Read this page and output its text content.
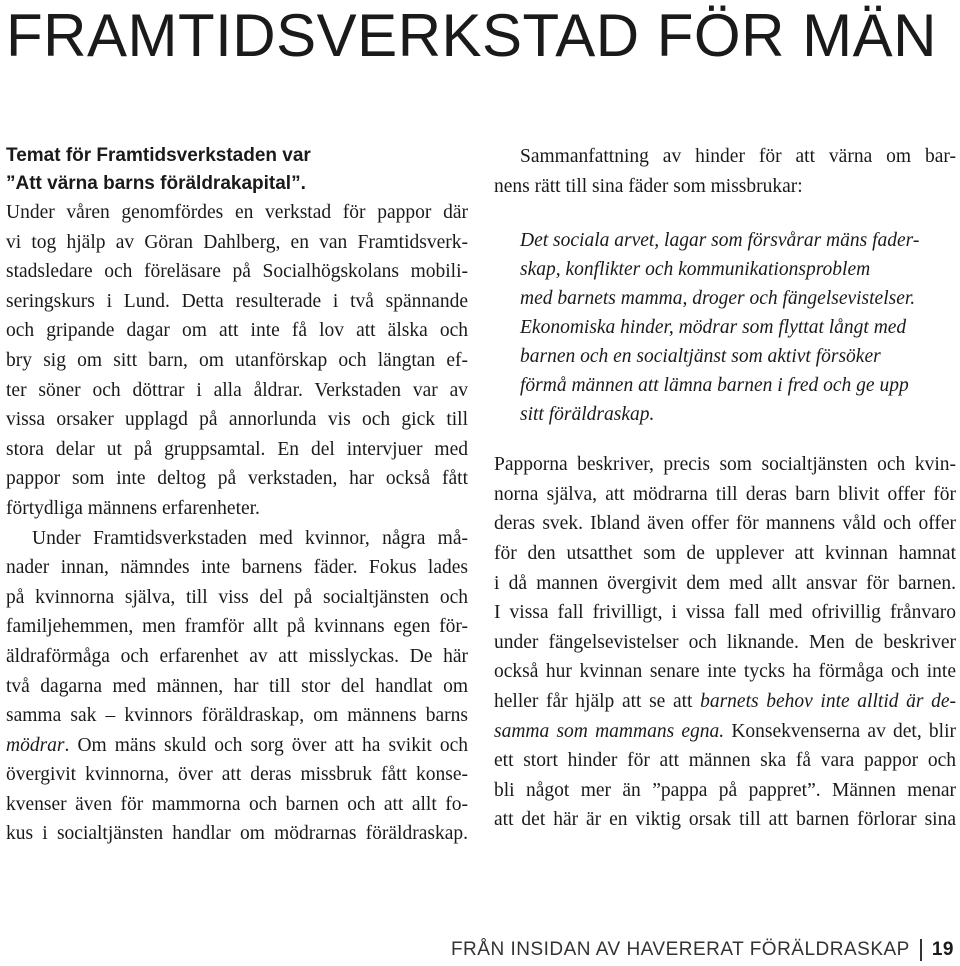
FRAMTIDSVERKSTAD FÖR MÄN
Temat för Framtidsverkstaden var
”Att värna barns föräldrakapital”.
Under våren genomfördes en verkstad för pappor där
vi tog hjälp av Göran Dahlberg, en van Framtidsverk-
stadsledare och föreläsare på Socialhögskolans mobili-
seringskurs i Lund. Detta resulterade i två spännande
och gripande dagar om att inte få lov att älska och
bry sig om sitt barn, om utanförskap och längtan ef-
ter söner och döttrar i alla åldrar. Verkstaden var av
vissa orsaker upplagd på annorlunda vis och gick till
stora delar ut på gruppsamtal. En del intervjuer med
pappor som inte deltog på verkstaden, har också fått
förtydliga männens erfarenheter.
Under Framtidsverkstaden med kvinnor, några må-
nader innan, nämndes inte barnens fäder. Fokus lades
på kvinnorna själva, till viss del på socialtjänsten och
familjehemmen, men framför allt på kvinnans egen för-
äldraförmåga och erfarenhet av att misslyckas. De här
två dagarna med männen, har till stor del handlat om
samma sak – kvinnors föräldraskap, om männens barns
mödrar. Om mäns skuld och sorg över att ha svikit och
övergivit kvinnorna, över att deras missbruk fått konse-
kvenser även för mammorna och barnen och att allt fo-
kus i socialtjänsten handlar om mödrarnas föräldraskap.
Sammanfattning av hinder för att värna om bar-
nens rätt till sina fäder som missbrukar:
Det sociala arvet, lagar som försvårar mäns fader-
skap, konflikter och kommunikationsproblem
med barnets mamma, droger och fängelsevistelser.
Ekonomiska hinder, mödrar som flyttat långt med
barnen och en socialtjänst som aktivt försöker
förmå männen att lämna barnen i fred och ge upp
sitt föräldraskap.
Papporna beskriver, precis som socialtjänsten och kvin-
norna själva, att mödrarna till deras barn blivit offer för
deras svek. Ibland även offer för mannens våld och offer
för den utsatthet som de upplever att kvinnan hamnat
i då mannen övergivit dem med allt ansvar för barnen.
I vissa fall frivilligt, i vissa fall med ofrivillig frånvaro
under fängelsevistelser och liknande. Men de beskriver
också hur kvinnan senare inte tycks ha förmåga och inte
heller får hjälp att se att barnets behov inte alltid är de-
samma som mammans egna. Konsekvenserna av det, blir
ett stort hinder för att männen ska få vara pappor och
bli något mer än ”pappa på pappret”. Männen menar
att det här är en viktig orsak till att barnen förlorar sina
FRÅN INSIDAN AV HAVERERAT FÖRÄLDRASKAP 19
